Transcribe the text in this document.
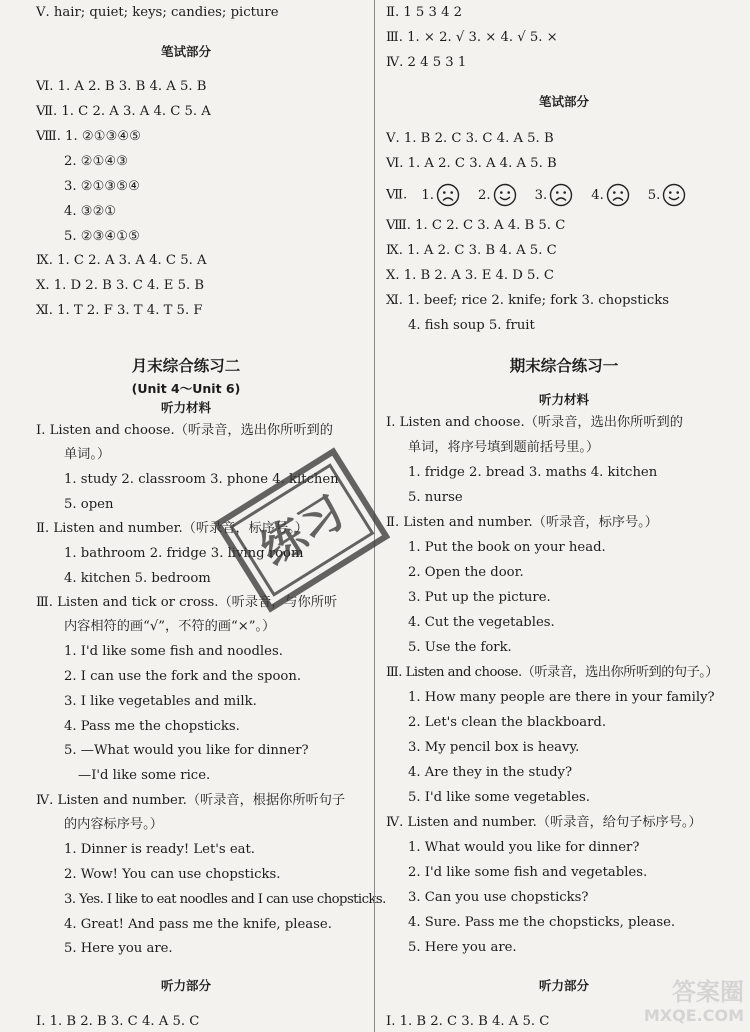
Ⅴ. hair; quiet; keys; candies; picture
笔试部分
Ⅵ. 1. A 2. B 3. B 4. A 5. B
Ⅶ. 1. C 2. A 3. A 4. C 5. A
Ⅷ. 1. ②①③④⑤
2. ②①④③
3. ②①③⑤④
4. ③②①
5. ②③④①⑤
Ⅸ. 1. C 2. A 3. A 4. C 5. A
Ⅹ. 1. D 2. B 3. C 4. E 5. B
Ⅺ. 1. T 2. F 3. T 4. T 5. F
月末综合练习二
(Unit 4～Unit 6)
听力材料
Ⅰ. Listen and choose.（听录音，选出你所听到的
单词。）
1. study 2. classroom 3. phone 4. kitchen
5. open
Ⅱ. Listen and number.（听录音，标序号。）
1. bathroom 2. fridge 3. living room
4. kitchen 5. bedroom
Ⅲ. Listen and tick or cross.（听录音，与你所听
内容相符的画“√”，不符的画“×”。）
1. I'd like some fish and noodles.
2. I can use the fork and the spoon.
3. I like vegetables and milk.
4. Pass me the chopsticks.
5. —What would you like for dinner?
—I'd like some rice.
Ⅳ. Listen and number.（听录音，根据你所听句子
的内容标序号。）
1. Dinner is ready! Let's eat.
2. Wow! You can use chopsticks.
3. Yes. I like to eat noodles and I can use chopsticks.
4. Great! And pass me the knife, please.
5. Here you are.
听力部分
Ⅰ. 1. B 2. B 3. C 4. A 5. C
Ⅱ. 1 5 3 4 2
Ⅲ. 1. × 2. √ 3. × 4. √ 5. ×
Ⅳ. 2 4 5 3 1
笔试部分
Ⅴ. 1. B 2. C 3. C 4. A 5. B
Ⅵ. 1. A 2. C 3. A 4. A 5. B
Ⅶ. 1.	2.	3.	4.	5.
Ⅷ. 1. C 2. C 3. A 4. B 5. C
Ⅸ. 1. A 2. C 3. B 4. A 5. C
Ⅹ. 1. B 2. A 3. E 4. D 5. C
Ⅺ. 1. beef; rice 2. knife; fork 3. chopsticks
4. fish soup 5. fruit
期末综合练习一
听力材料
Ⅰ. Listen and choose.（听录音，选出你所听到的
单词，将序号填到题前括号里。）
1. fridge 2. bread 3. maths 4. kitchen
5. nurse
Ⅱ. Listen and number.（听录音，标序号。）
1. Put the book on your head.
2. Open the door.
3. Put up the picture.
4. Cut the vegetables.
5. Use the fork.
Ⅲ. Listen and choose.（听录音，选出你所听到的句子。）
1. How many people are there in your family?
2. Let's clean the blackboard.
3. My pencil box is heavy.
4. Are they in the study?
5. I'd like some vegetables.
Ⅳ. Listen and number.（听录音，给句子标序号。）
1. What would you like for dinner?
2. I'd like some fish and vegetables.
3. Can you use chopsticks?
4. Sure. Pass me the chopsticks, please.
5. Here you are.
听力部分
Ⅰ. 1. B 2. C 3. B 4. A 5. C
练习
答案圈
MXQE.COM
